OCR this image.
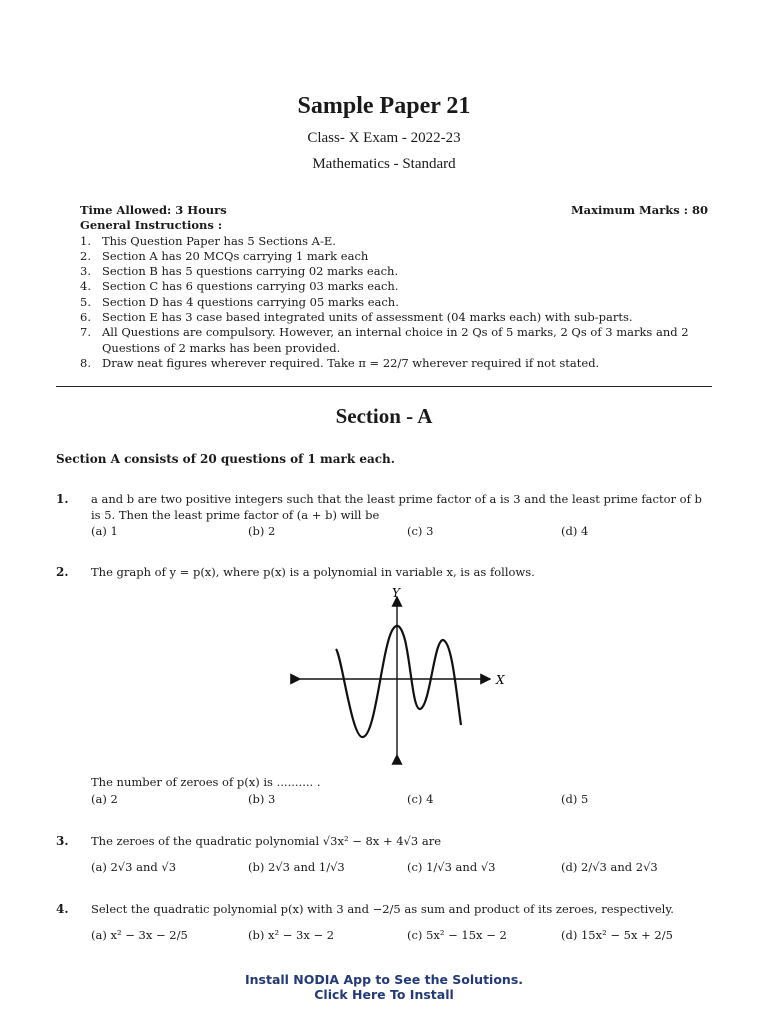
Sample Paper 21
Class- X Exam - 2022-23
Mathematics - Standard
Time Allowed: 3 Hours	Maximum Marks : 80
General Instructions :
1. This Question Paper has 5 Sections A-E.
2. Section A has 20 MCQs carrying 1 mark each
3. Section B has 5 questions carrying 02 marks each.
4. Section C has 6 questions carrying 03 marks each.
5. Section D has 4 questions carrying 05 marks each.
6. Section E has 3 case based integrated units of assessment (04 marks each) with sub-parts.
7. All Questions are compulsory. However, an internal choice in 2 Qs of 5 marks, 2 Qs of 3 marks and 2 Questions of 2 marks has been provided.
8. Draw neat figures wherever required. Take π = 22/7 wherever required if not stated.
Section - A
Section A consists of 20 questions of 1 mark each.
1. a and b are two positive integers such that the least prime factor of a is 3 and the least prime factor of b is 5. Then the least prime factor of (a + b) will be
(a) 1	(b) 2	(c) 3	(d) 4
2. The graph of y = p(x), where p(x) is a polynomial in variable x, is as follows.
X
Y
The number of zeroes of p(x) is .......... .
(a) 2	(b) 3	(c) 4	(d) 5
3. The zeroes of the quadratic polynomial √3x² − 8x + 4√3 are
(a) 2√3 and √3	(b) 2√3 and 1/√3	(c) 1/√3 and √3	(d) 2/√3 and 2√3
4. Select the quadratic polynomial p(x) with 3 and −2/5 as sum and product of its zeroes, respectively.
(a) x² − 3x − 2/5	(b) x² − 3x − 2	(c) 5x² − 15x − 2	(d) 15x² − 5x + 2/5
Install NODIA App to See the Solutions.
Click Here To Install
